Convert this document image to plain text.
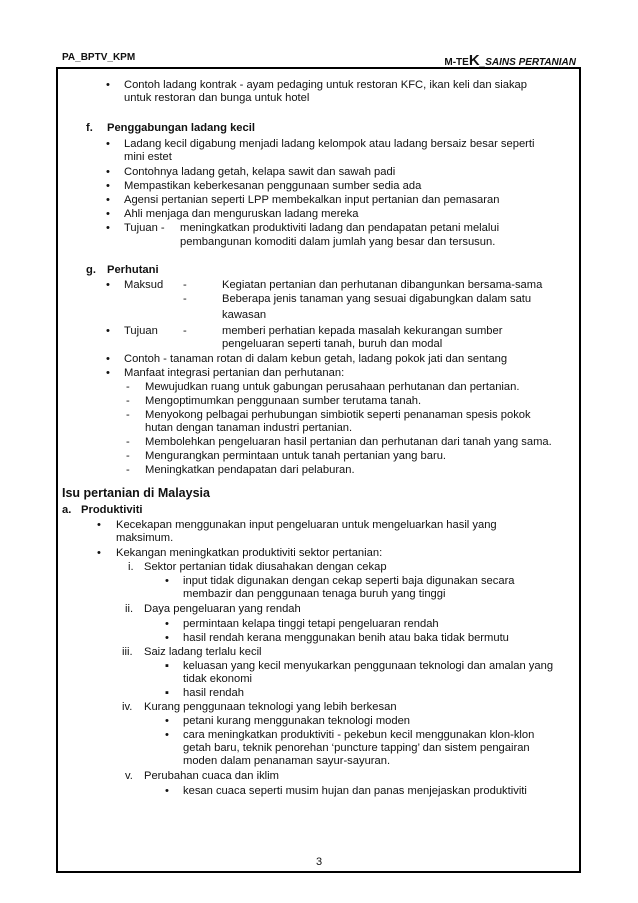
PA_BPTV_KPM	M-TEK_SAINS PERTANIAN
• Contoh ladang kontrak - ayam pedaging untuk restoran KFC, ikan keli dan siakap
untuk restoran dan bunga untuk hotel
f. Penggabungan ladang kecil
• Ladang kecil digabung menjadi ladang kelompok atau ladang bersaiz besar seperti
mini estet
• Contohnya ladang getah, kelapa sawit dan sawah padi
• Mempastikan keberkesanan penggunaan sumber sedia ada
• Agensi pertanian seperti LPP membekalkan input pertanian dan pemasaran
• Ahli menjaga dan menguruskan ladang mereka
• Tujuan - meningkatkan produktiviti ladang dan pendapatan petani melalui
pembangunan komoditi dalam jumlah yang besar dan tersusun.
g. Perhutani
• Maksud -	Kegiatan pertanian dan perhutanan dibangunkan bersama-sama
-	Beberapa jenis tanaman yang sesuai digabungkan dalam satu
kawasan
• Tujuan -	memberi perhatian kepada masalah kekurangan sumber
pengeluaran seperti tanah, buruh dan modal
• Contoh - tanaman rotan di dalam kebun getah, ladang pokok jati dan sentang
• Manfaat integrasi pertanian dan perhutanan:
- Mewujudkan ruang untuk gabungan perusahaan perhutanan dan pertanian.
- Mengoptimumkan penggunaan sumber terutama tanah.
- Menyokong pelbagai perhubungan simbiotik seperti penanaman spesis pokok
hutan dengan tanaman industri pertanian.
- Membolehkan pengeluaran hasil pertanian dan perhutanan dari tanah yang sama.
- Mengurangkan permintaan untuk tanah pertanian yang baru.
- Meningkatkan pendapatan dari pelaburan.
Isu pertanian di Malaysia
a. Produktiviti
• Kecekapan menggunakan input pengeluaran untuk mengeluarkan hasil yang
maksimum.
• Kekangan meningkatkan produktiviti sektor pertanian:
i. Sektor pertanian tidak diusahakan dengan cekap
• input tidak digunakan dengan cekap seperti baja digunakan secara
membazir dan penggunaan tenaga buruh yang tinggi
ii. Daya pengeluaran yang rendah
• permintaan kelapa tinggi tetapi pengeluaran rendah
• hasil rendah kerana menggunakan benih atau baka tidak bermutu
iii. Saiz ladang terlalu kecil
▪ keluasan yang kecil menyukarkan penggunaan teknologi dan amalan yang
tidak ekonomi
▪ hasil rendah
iv. Kurang penggunaan teknologi yang lebih berkesan
• petani kurang menggunakan teknologi moden
• cara meningkatkan produktiviti - pekebun kecil menggunakan klon-klon
getah baru, teknik penorehan ‘puncture tapping’ dan sistem pengairan
moden dalam penanaman sayur-sayuran.
v. Perubahan cuaca dan iklim
• kesan cuaca seperti musim hujan dan panas menjejaskan produktiviti
3
